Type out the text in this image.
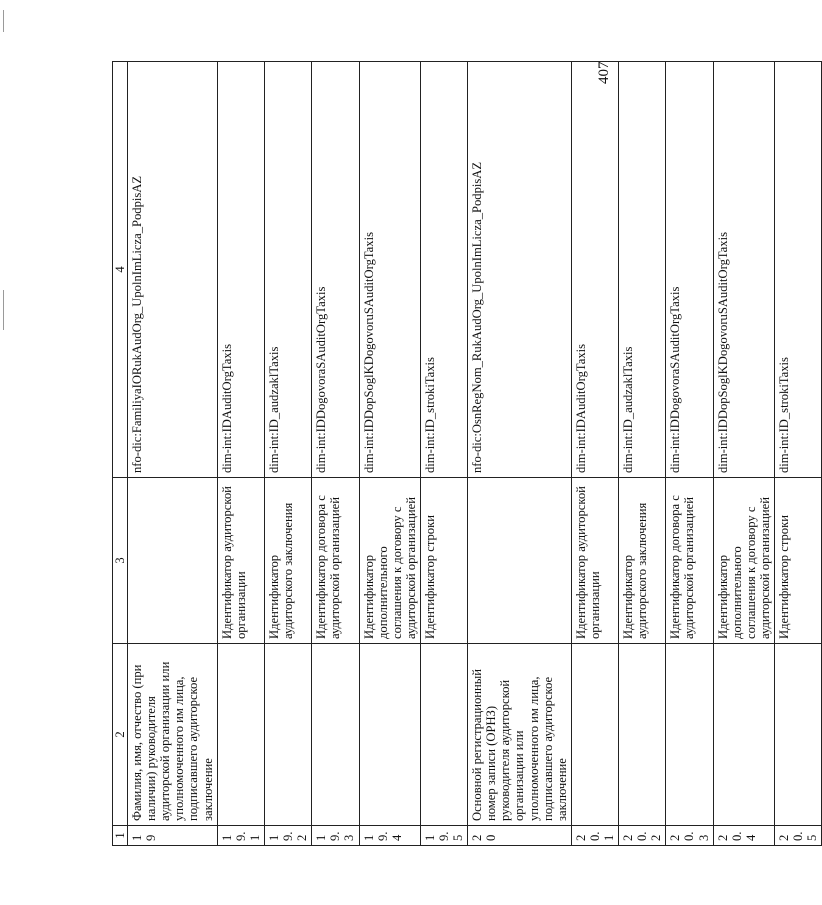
407
1	2	3	4
19	Фамилия, имя, отчество (при наличии) руководителя аудиторской организации или уполномоченного им лица, подписавшего аудиторское заключение		nfo-dic:FamiliyaIORukAudOrg_UpolnImLicza_PodpisAZ
19.1		Идентификатор аудиторской организации	dim-int:IDAuditOrgTaxis
19.2		Идентификатор аудиторского заключения	dim-int:ID_audzaklTaxis
19.3		Идентификатор договора с аудиторской организацией	dim-int:IDDogovoraSAuditOrgTaxis
19.4		Идентификатор дополнительного соглашения к договору с аудиторской организацией	dim-int:IDDopSoglKDogovoruSAuditOrgTaxis
19.5		Идентификатор строки	dim-int:ID_strokiTaxis
20	Основной регистрационный номер записи (ОРНЗ) руководителя аудиторской организации или уполномоченного им лица, подписавшего аудиторское заключение		nfo-dic:OsnRegNom_RukAudOrg_UpolnImLicza_PodpisAZ
20.1		Идентификатор аудиторской организации	dim-int:IDAuditOrgTaxis
20.2		Идентификатор аудиторского заключения	dim-int:ID_audzaklTaxis
20.3		Идентификатор договора с аудиторской организацией	dim-int:IDDogovoraSAuditOrgTaxis
20.4		Идентификатор дополнительного соглашения к договору с аудиторской организацией	dim-int:IDDopSoglKDogovoruSAuditOrgTaxis
20.5		Идентификатор строки	dim-int:ID_strokiTaxis
